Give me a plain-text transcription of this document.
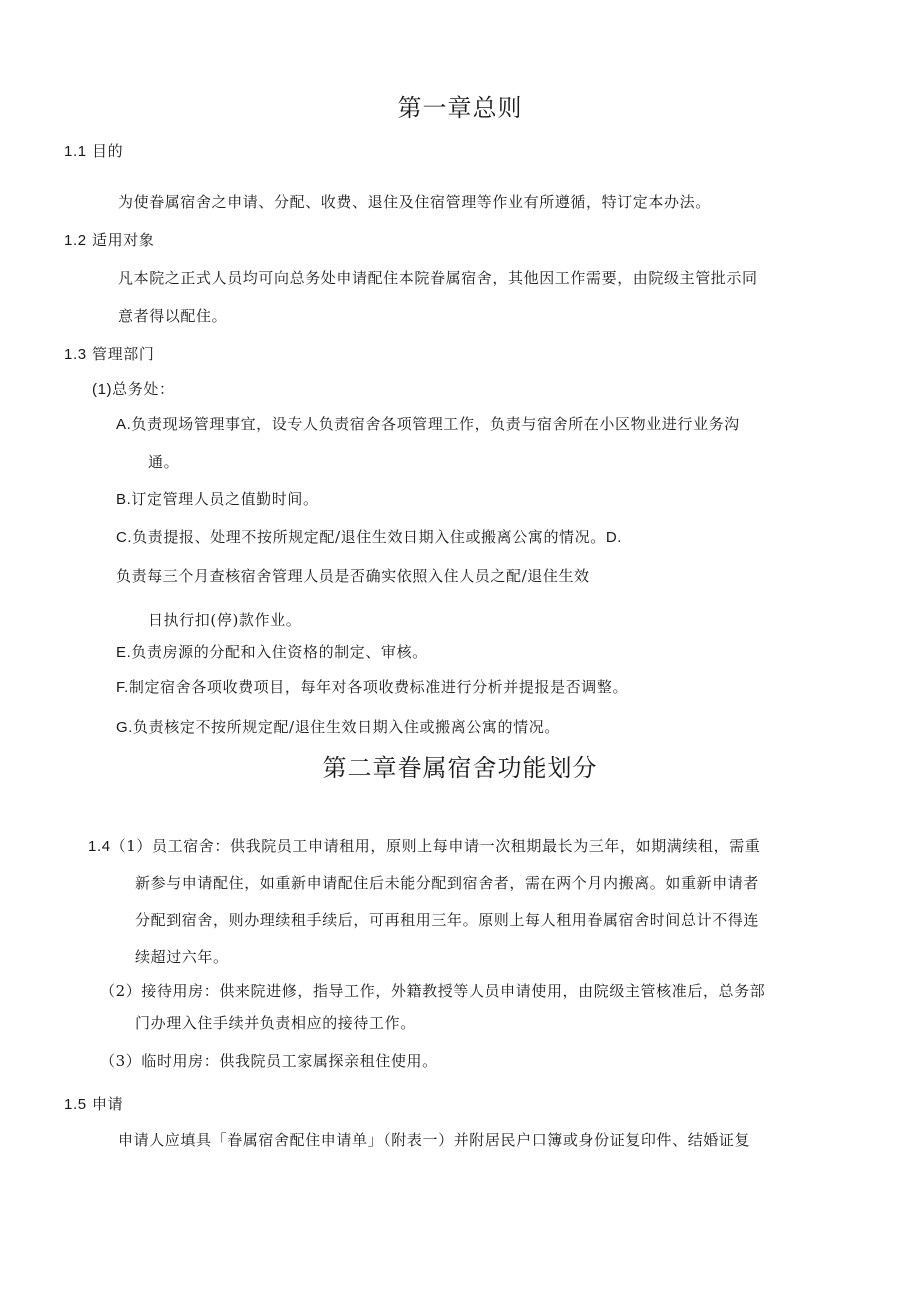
第一章总则
1.1 目的
为使眷属宿舍之申请、分配、收费、退住及住宿管理等作业有所遵循，特订定本办法。
1.2 适用对象
凡本院之正式人员均可向总务处申请配住本院眷属宿舍，其他因工作需要，由院级主管批示同
意者得以配住。
1.3 管理部门
(1)总务处：
A.负责现场管理事宜，设专人负责宿舍各项管理工作，负责与宿舍所在小区物业进行业务沟
通。
B.订定管理人员之值勤时间。
C.负责提报、处理不按所规定配/退住生效日期入住或搬离公寓的情况。D.
负责每三个月查核宿舍管理人员是否确实依照入住人员之配/退住生效
日执行扣(停)款作业。
E.负责房源的分配和入住资格的制定、审核。
F.制定宿舍各项收费项目，每年对各项收费标准进行分析并提报是否调整。
G.负责核定不按所规定配/退住生效日期入住或搬离公寓的情况。
第二章眷属宿舍功能划分
1.4（1）员工宿舍：供我院员工申请租用，原则上每申请一次租期最长为三年，如期满续租，需重
新参与申请配住，如重新申请配住后未能分配到宿舍者，需在两个月内搬离。如重新申请者
分配到宿舍，则办理续租手续后，可再租用三年。原则上每人租用眷属宿舍时间总计不得连
续超过六年。
（2）接待用房：供来院进修，指导工作，外籍教授等人员申请使用，由院级主管核准后，总务部
门办理入住手续并负责相应的接待工作。
（3）临时用房：供我院员工家属探亲租住使用。
1.5 申请
申请人应填具「眷属宿舍配住申请单」（附表一）并附居民户口簿或身份证复印件、结婚证复
